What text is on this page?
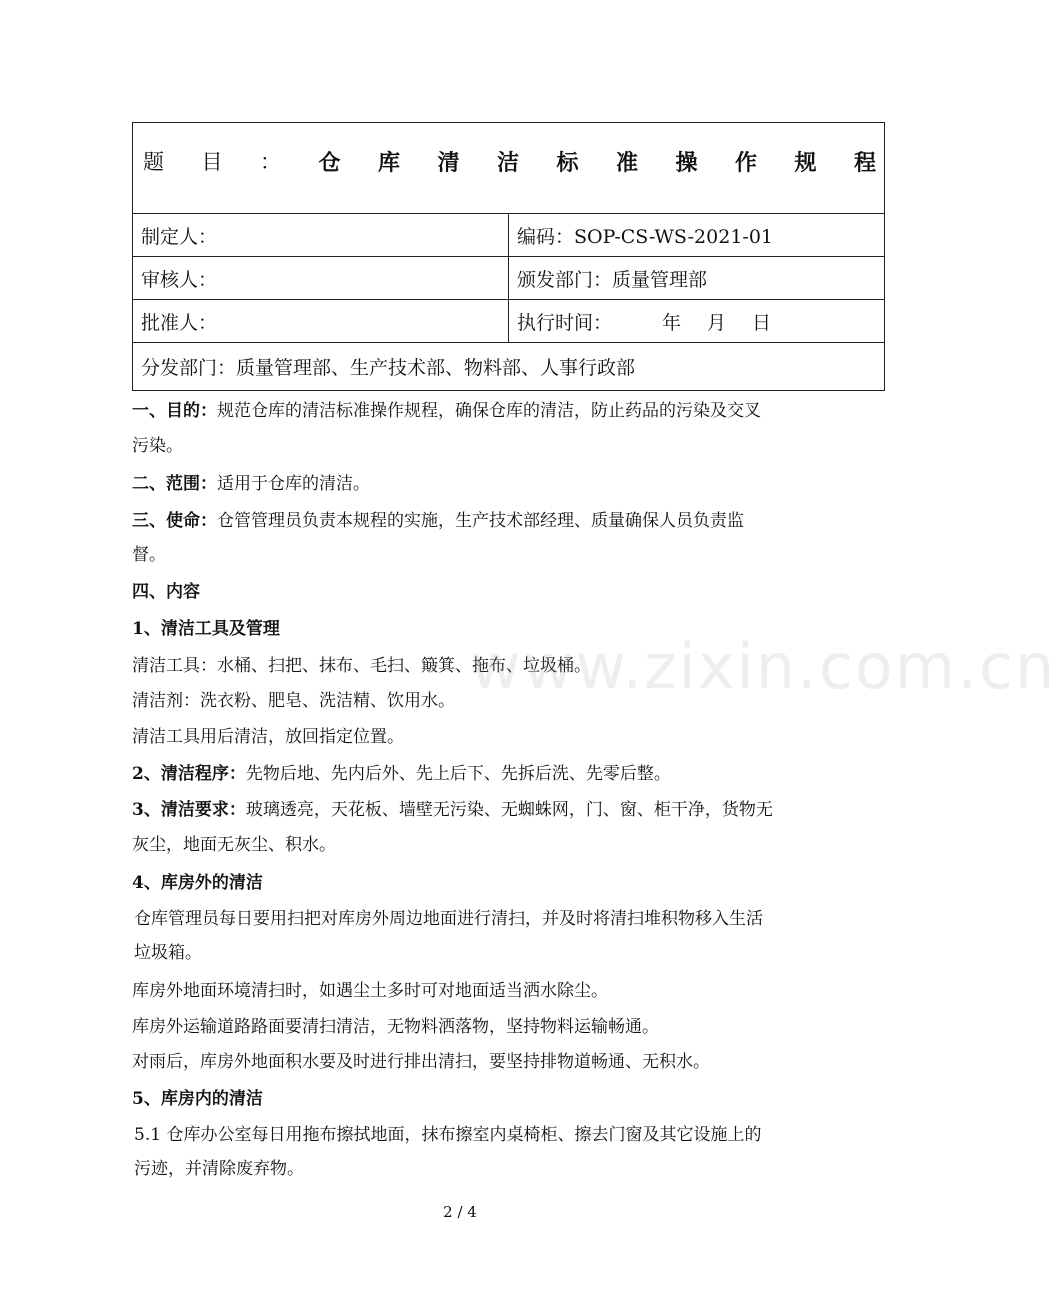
题 目 ： 仓 库 清 洁 标 准 操 作 规 程
制定人：	编码：SOP-CS-WS-2021-01
审核人：	颁发部门：质量管理部
批准人：	执行时间：	年 月 日
分发部门：质量管理部、生产技术部、物料部、人事行政部
一、目的：规范仓库的清洁标准操作规程，确保仓库的清洁，防止药品的污染及交叉
污染。
二、范围：适用于仓库的清洁。
三、使命：仓管管理员负责本规程的实施，生产技术部经理、质量确保人员负责监
督。
四、内容
1、清洁工具及管理
清洁工具：水桶、扫把、抹布、毛扫、簸箕、拖布、垃圾桶。
清洁剂：洗衣粉、肥皂、洗洁精、饮用水。
清洁工具用后清洁，放回指定位置。
2、清洁程序：先物后地、先内后外、先上后下、先拆后洗、先零后整。
3、清洁要求：玻璃透亮，天花板、墙壁无污染、无蜘蛛网，门、窗、柜干净，货物无
灰尘，地面无灰尘、积水。
4、库房外的清洁
仓库管理员每日要用扫把对库房外周边地面进行清扫，并及时将清扫堆积物移入生活
垃圾箱。
库房外地面环境清扫时，如遇尘土多时可对地面适当洒水除尘。
库房外运输道路路面要清扫清洁，无物料洒落物，坚持物料运输畅通。
对雨后，库房外地面积水要及时进行排出清扫，要坚持排物道畅通、无积水。
5、库房内的清洁
5.1 仓库办公室每日用拖布擦拭地面，抹布擦室内桌椅柜、擦去门窗及其它设施上的
污迹，并清除废弃物。
www.zixin.com.cn
2 / 4
